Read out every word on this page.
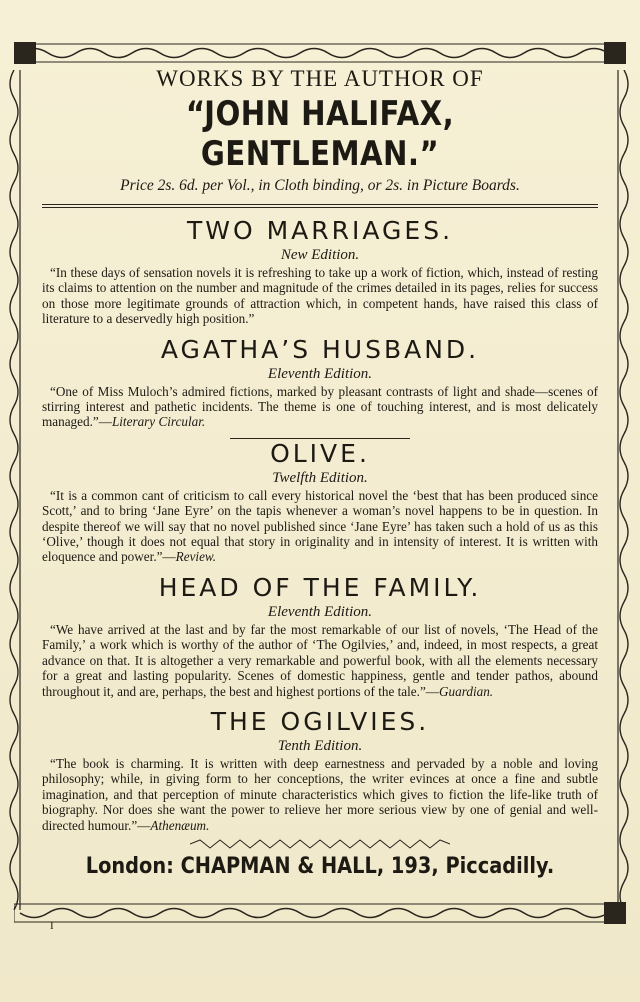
WORKS BY THE AUTHOR OF
“JOHN HALIFAX, GENTLEMAN.”
Price 2s. 6d. per Vol., in Cloth binding, or 2s. in Picture Boards.
TWO MARRIAGES.
New Edition.

“In these days of sensation novels it is refreshing to take up a work of fiction, which, instead of resting its claims to attention on the number and magnitude of the crimes detailed in its pages, relies for success on those more legitimate grounds of attraction which, in competent hands, have raised this class of literature to a deservedly high position.”

AGATHA’S HUSBAND.
Eleventh Edition.

“One of Miss Muloch’s admired fictions, marked by pleasant contrasts of light and shade—scenes of stirring interest and pathetic incidents. The theme is one of touching interest, and is most delicately managed.”—Literary Circular.

OLIVE.
Twelfth Edition.

“It is a common cant of criticism to call every historical novel the ‘best that has been produced since Scott,’ and to bring ‘Jane Eyre’ on the tapis whenever a woman’s novel happens to be in question. In despite thereof we will say that no novel published since ‘Jane Eyre’ has taken such a hold of us as this ‘Olive,’ though it does not equal that story in originality and in intensity of interest. It is written with eloquence and power.”—Review.

HEAD OF THE FAMILY.
Eleventh Edition.

“We have arrived at the last and by far the most remarkable of our list of novels, ‘The Head of the Family,’ a work which is worthy of the author of ‘The Ogilvies,’ and, indeed, in most respects, a great advance on that. It is altogether a very remarkable and powerful book, with all the elements necessary for a great and lasting popularity. Scenes of domestic happiness, gentle and tender pathos, abound throughout it, and are, perhaps, the best and highest portions of the tale.”—Guardian.

THE OGILVIES.
Tenth Edition.

“The book is charming. It is written with deep earnestness and pervaded by a noble and loving philosophy; while, in giving form to her conceptions, the writer evinces at once a fine and subtle imagination, and that perception of minute characteristics which gives to fiction the life-like truth of biography. Nor does she want the power to relieve her more serious view by one of genial and well-directed humour.”—Athenæum.

London: CHAPMAN & HALL, 193, Piccadilly.
I
